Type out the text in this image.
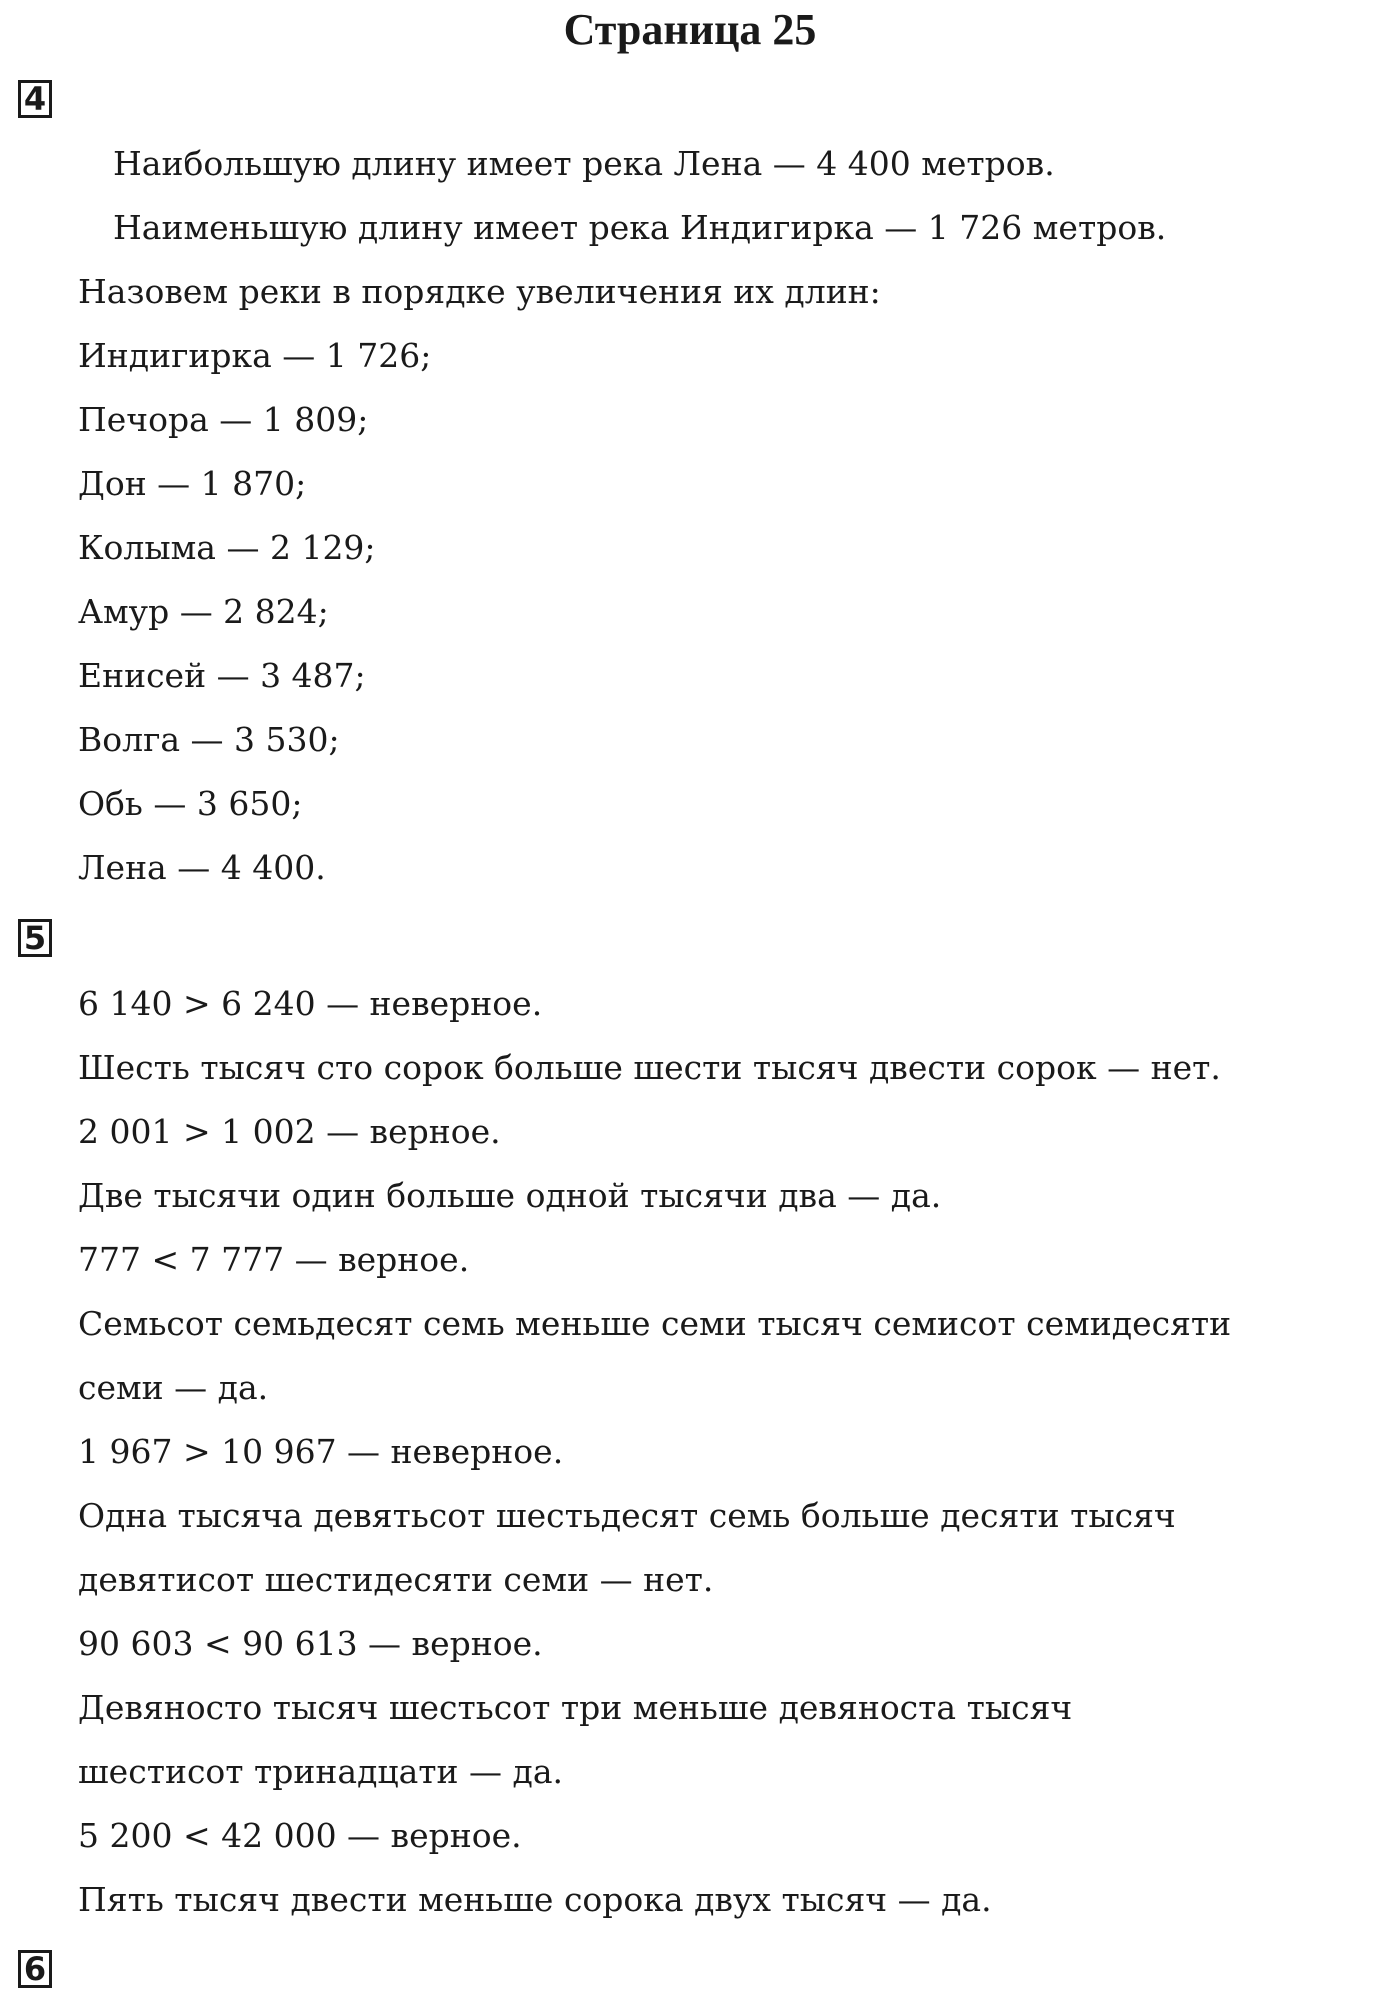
Страница 25
4

Наибольшую длину имеет река Лена — 4 400 метров.

Наименьшую длину имеет река Индигирка — 1 726 метров.

Назовем реки в порядке увеличения их длин:

Индигирка — 1 726;

Печора — 1 809;

Дон — 1 870;

Колыма — 2 129;

Амур — 2 824;

Енисей — 3 487;

Волга — 3 530;

Обь — 3 650;

Лена — 4 400.

5

6 140 > 6 240 — неверное.

Шесть тысяч сто сорок больше шести тысяч двести сорок — нет.

2 001 > 1 002 — верное.

Две тысячи один больше одной тысячи два — да.

777 < 7 777 — верное.

Семьсот семьдесят семь меньше семи тысяч семисот семидесяти

семи — да.

1 967 > 10 967 — неверное.

Одна тысяча девятьсот шестьдесят семь больше десяти тысяч

девятисот шестидесяти семи — нет.

90 603 < 90 613 — верное.

Девяносто тысяч шестьсот три меньше девяноста тысяч

шестисот тринадцати — да.

5 200 < 42 000 — верное.

Пять тысяч двести меньше сорока двух тысяч — да.

6
